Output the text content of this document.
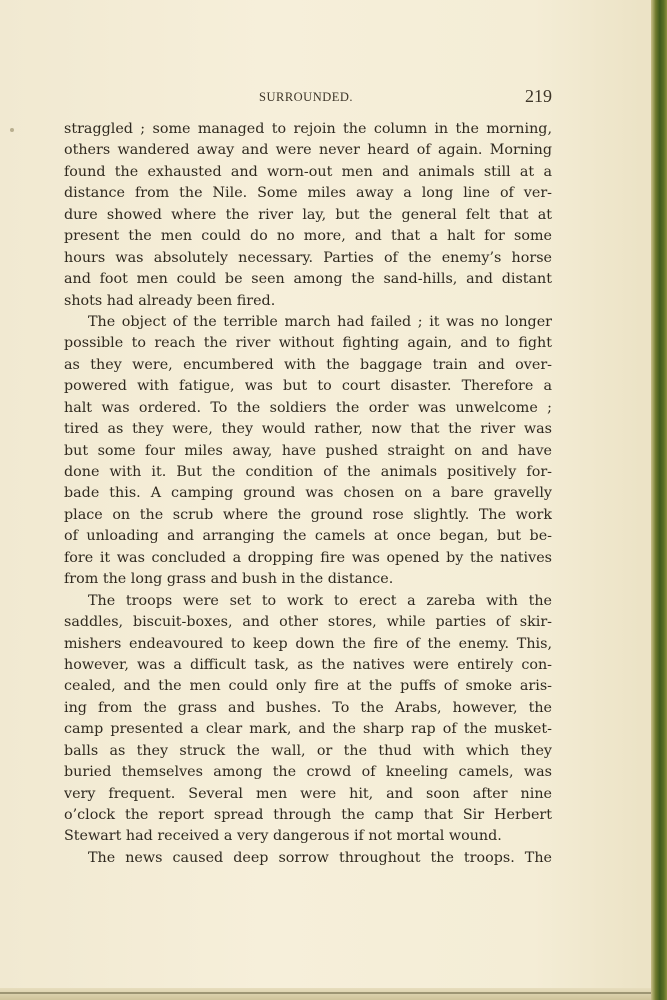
SURROUNDED.	219
straggled ; some managed to rejoin the column in the morning,
others wandered away and were never heard of again. Morning
found the exhausted and worn-out men and animals still at a
distance from the Nile. Some miles away a long line of ver-
dure showed where the river lay, but the general felt that at
present the men could do no more, and that a halt for some
hours was absolutely necessary. Parties of the enemy’s horse
and foot men could be seen among the sand-hills, and distant
shots had already been fired.
The object of the terrible march had failed ; it was no longer
possible to reach the river without fighting again, and to fight
as they were, encumbered with the baggage train and over-
powered with fatigue, was but to court disaster. Therefore a
halt was ordered. To the soldiers the order was unwelcome ;
tired as they were, they would rather, now that the river was
but some four miles away, have pushed straight on and have
done with it. But the condition of the animals positively for-
bade this. A camping ground was chosen on a bare gravelly
place on the scrub where the ground rose slightly. The work
of unloading and arranging the camels at once began, but be-
fore it was concluded a dropping fire was opened by the natives
from the long grass and bush in the distance.
The troops were set to work to erect a zareba with the
saddles, biscuit-boxes, and other stores, while parties of skir-
mishers endeavoured to keep down the fire of the enemy. This,
however, was a difficult task, as the natives were entirely con-
cealed, and the men could only fire at the puffs of smoke aris-
ing from the grass and bushes. To the Arabs, however, the
camp presented a clear mark, and the sharp rap of the musket-
balls as they struck the wall, or the thud with which they
buried themselves among the crowd of kneeling camels, was
very frequent. Several men were hit, and soon after nine
o’clock the report spread through the camp that Sir Herbert
Stewart had received a very dangerous if not mortal wound.
The news caused deep sorrow throughout the troops. The
